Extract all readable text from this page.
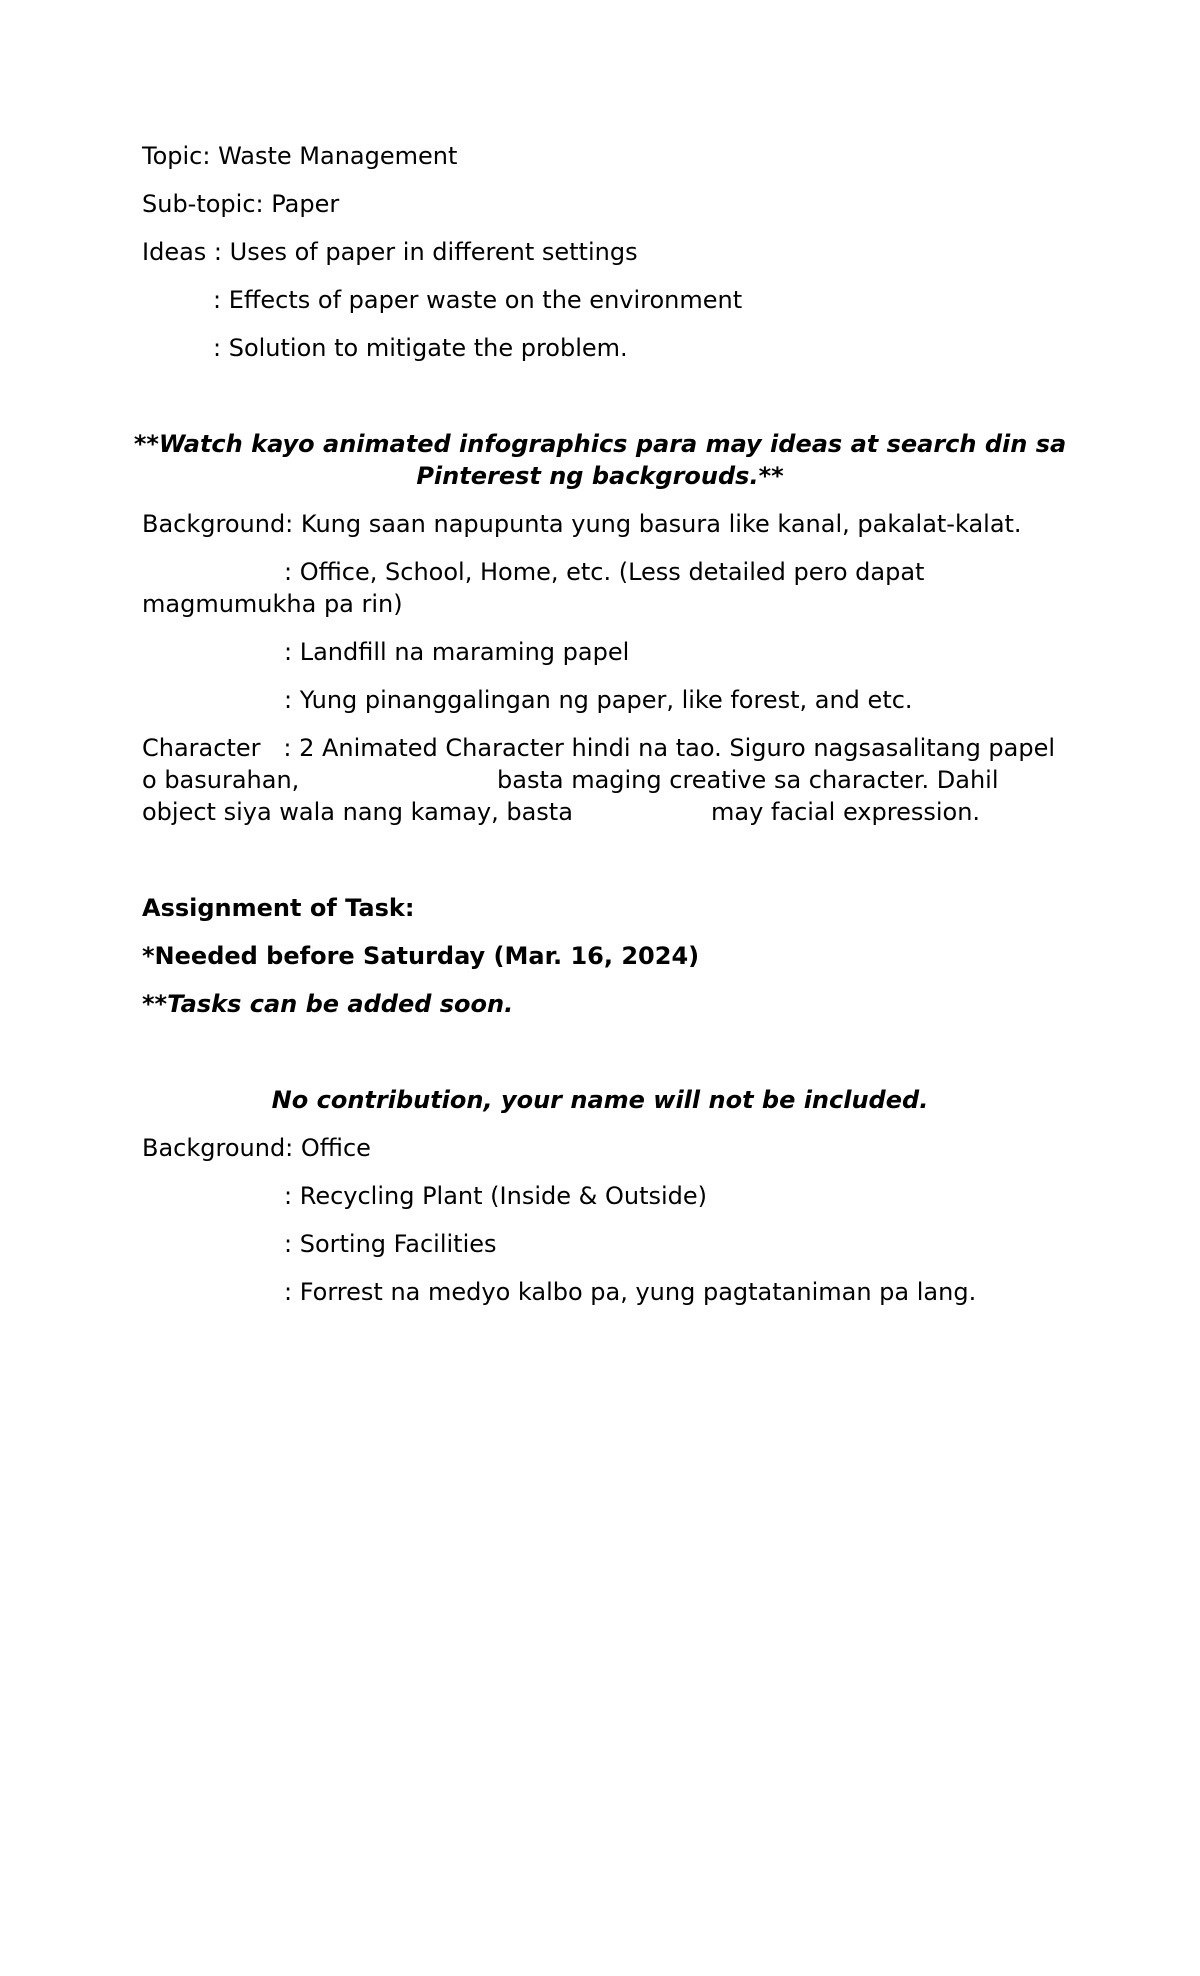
Topic: Waste Management

Sub-topic: Paper

Ideas : Uses of paper in different settings

: Effects of paper waste on the environment

: Solution to mitigate the problem.

**Watch kayo animated infographics para may ideas at search din sa

Pinterest ng backgrouds.**

Background: Kung saan napupunta yung basura like kanal, pakalat-kalat.

: Office, School, Home, etc. (Less detailed pero dapat

magmumukha pa rin)

: Landfill na maraming papel

: Yung pinanggalingan ng paper, like forest, and etc.

Character   : 2 Animated Character hindi na tao. Siguro nagsasalitang papel

o basurahan,	basta maging creative sa character. Dahil

object siya wala nang kamay, basta	may facial expression.

Assignment of Task:

*Needed before Saturday (Mar. 16, 2024)

**Tasks can be added soon.

No contribution, your name will not be included.

Background: Office

: Recycling Plant (Inside & Outside)

: Sorting Facilities

: Forrest na medyo kalbo pa, yung pagtataniman pa lang.
